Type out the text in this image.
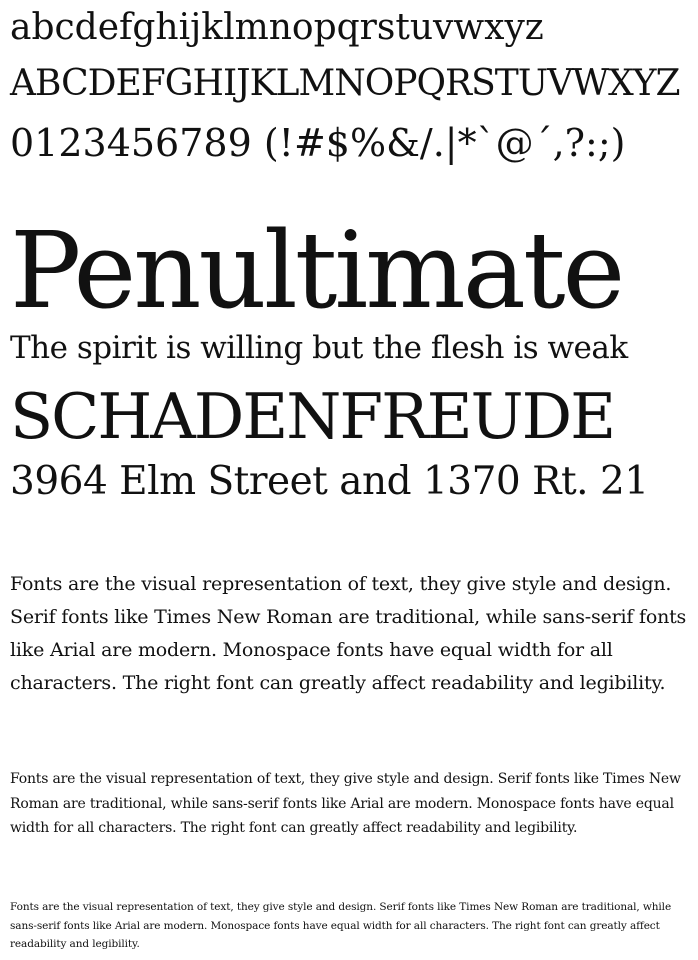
abcdefghijklmnopqrstuvwxyz
ABCDEFGHIJKLMNOPQRSTUVWXYZ
0123456789 (!#$%&/.|*`@´,?:;)
Penultimate
The spirit is willing but the flesh is weak
SCHADENFREUDE
3964 Elm Street and 1370 Rt. 21

Fonts are the visual representation of text, they give style and design. Serif fonts like Times New Roman are traditional, while sans-serif fonts like Arial are modern. Monospace fonts have equal width for all characters. The right font can greatly affect readability and legibility.

Fonts are the visual representation of text, they give style and design. Serif fonts like Times New Roman are traditional, while sans-serif fonts like Arial are modern. Monospace fonts have equal width for all characters. The right font can greatly affect readability and legibility.

Fonts are the visual representation of text, they give style and design. Serif fonts like Times New Roman are traditional, while sans-serif fonts like Arial are modern. Monospace fonts have equal width for all characters. The right font can greatly affect readability and legibility.
